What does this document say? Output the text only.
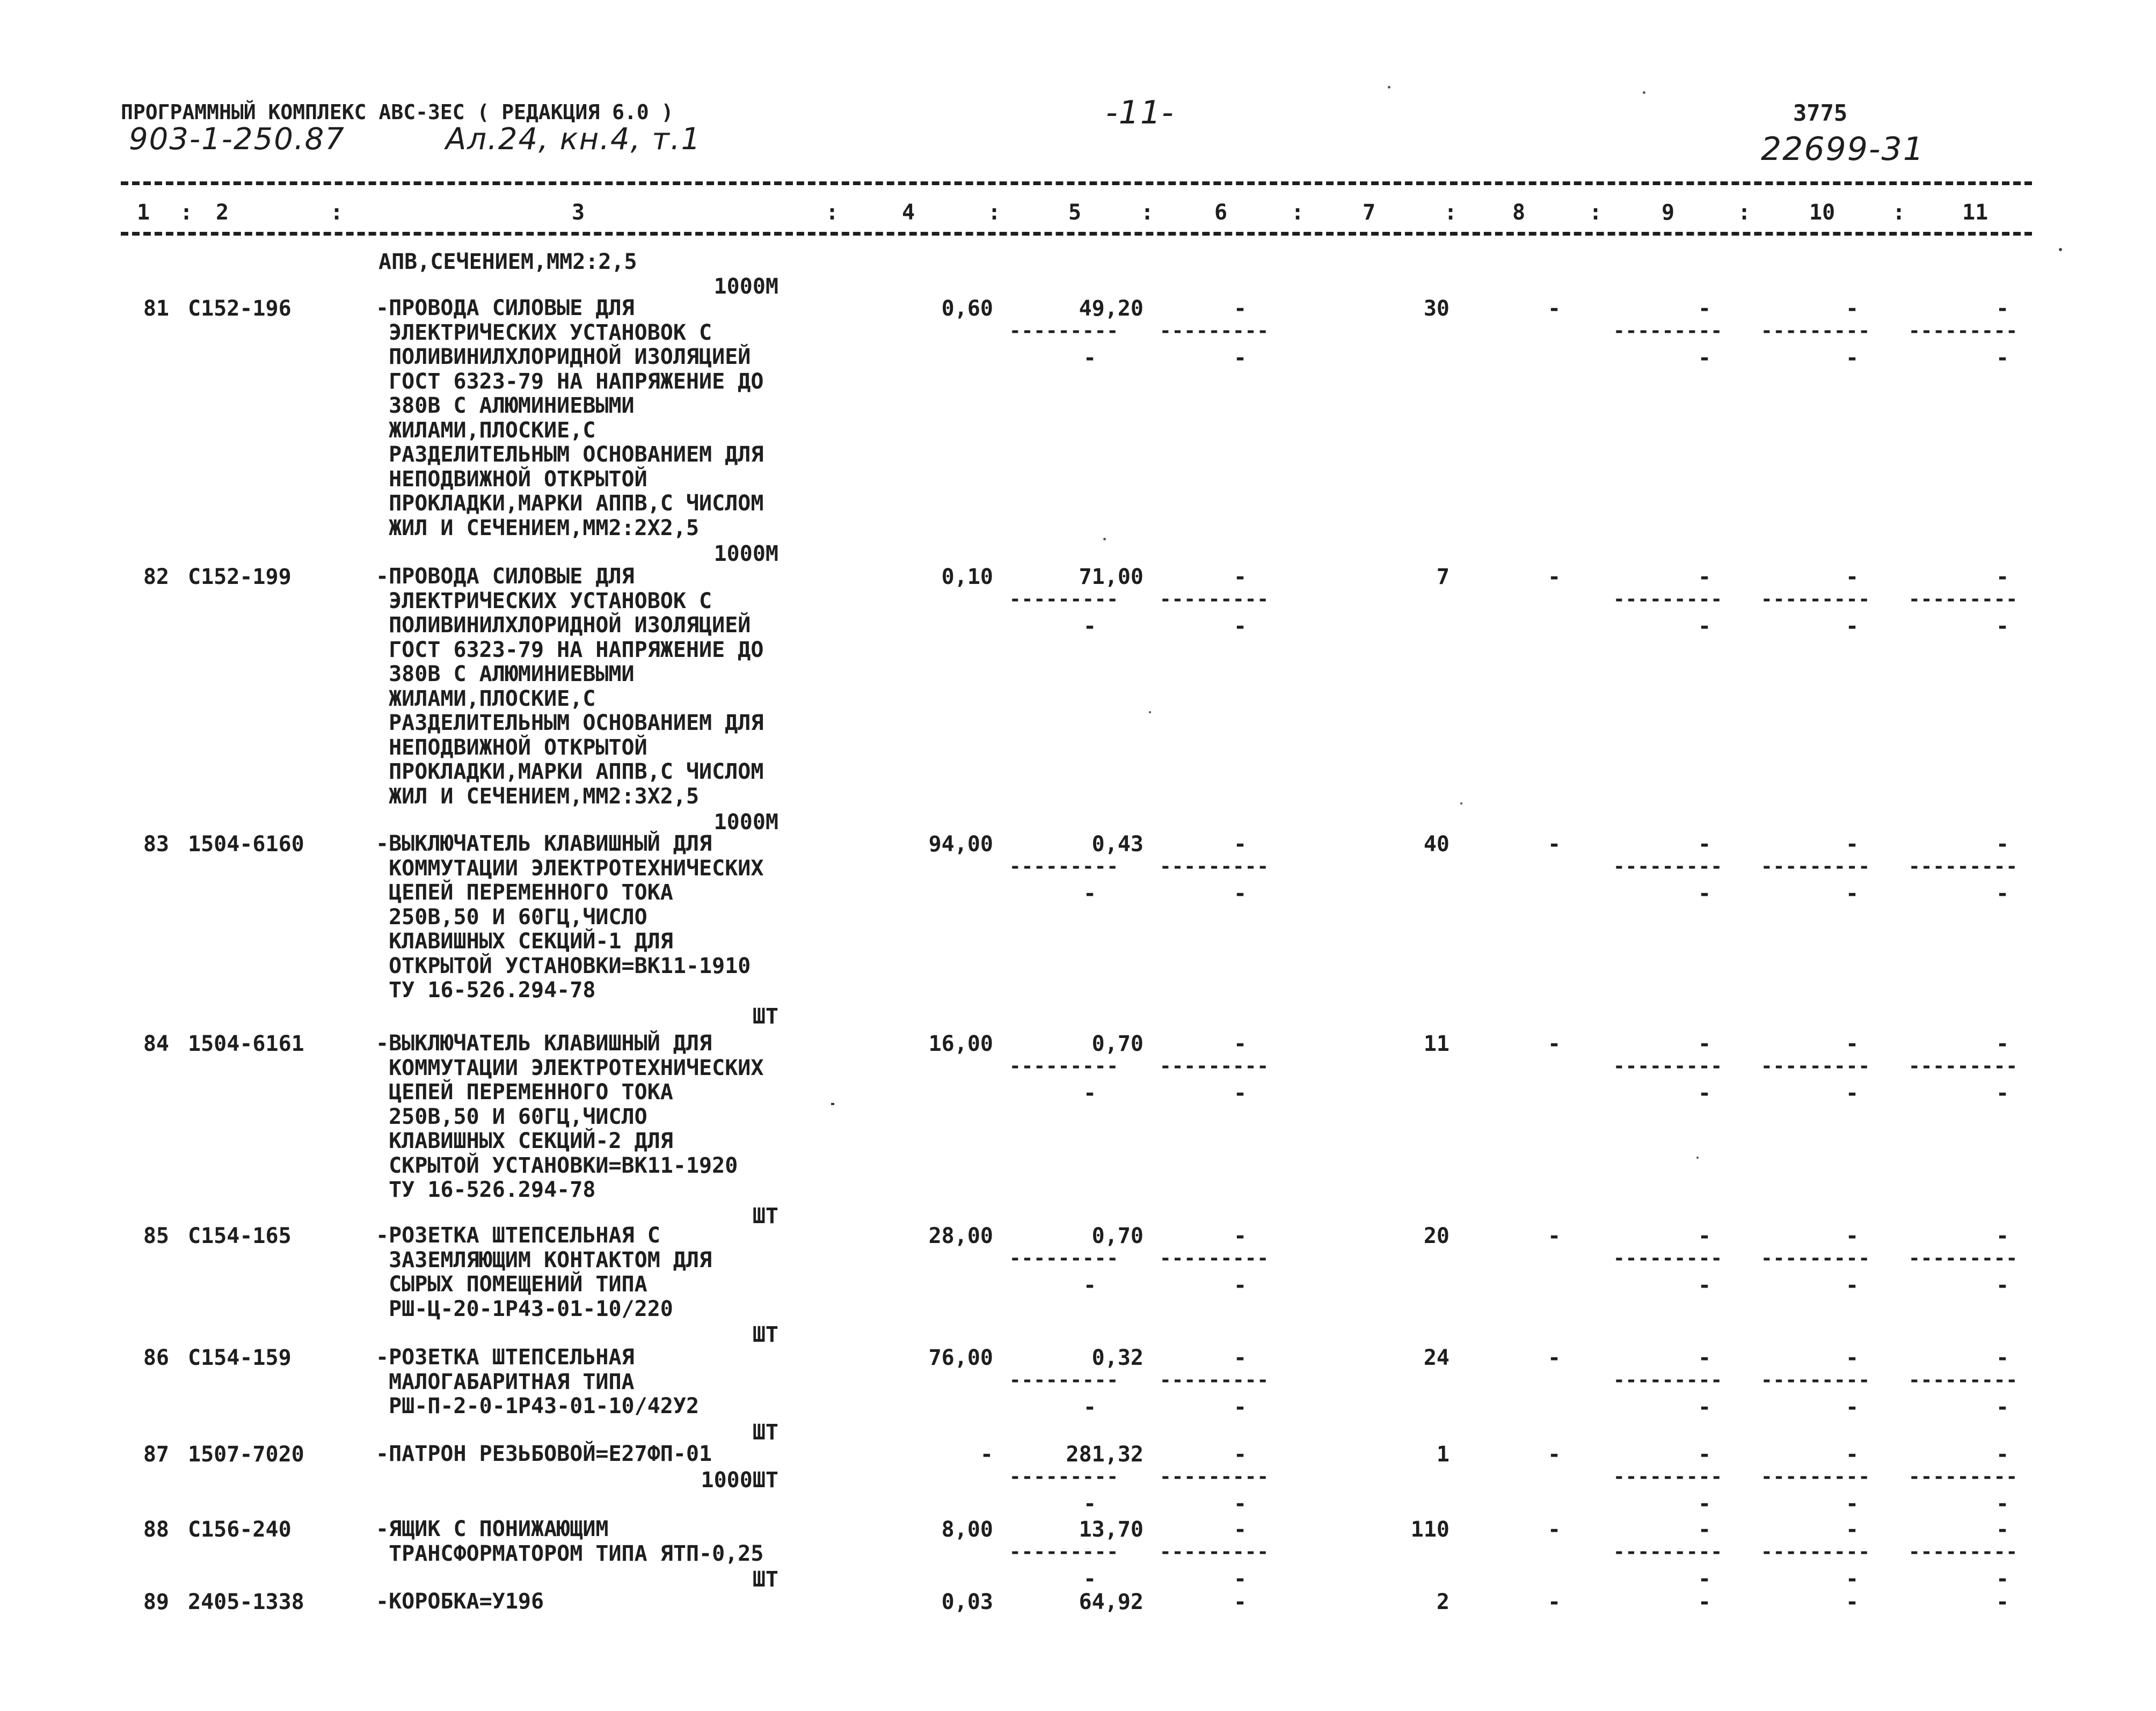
ПРОГРАММНЫЙ КОМПЛЕКС АВС-3ЕС ( РЕДАКЦИЯ 6.0 )
903-1-250.87	Ал.24, кн.4, т.1
-11-	3775
22699-31
1 : 2	:	3	:	4	:	5	:	6	:	7	:	8	:	9	:	10	:	11
АПВ,СЕЧЕНИЕМ,ММ2:2,5
1000М
81 С152-196	-ПРОВОДА СИЛОВЫЕ ДЛЯ
ЭЛЕКТРИЧЕСКИХ УСТАНОВОК С
ПОЛИВИНИЛХЛОРИДНОЙ ИЗОЛЯЦИЕЙ
ГОСТ 6323-79 НА НАПРЯЖЕНИЕ ДО
380В С АЛЮМИНИЕВЫМИ
ЖИЛАМИ,ПЛОСКИЕ,С
РАЗДЕЛИТЕЛЬНЫМ ОСНОВАНИЕМ ДЛЯ
НЕПОДВИЖНОЙ ОТКРЫТОЙ
ПРОКЛАДКИ,МАРКИ АППВ,С ЧИСЛОМ
ЖИЛ И СЕЧЕНИЕМ,ММ2:2Х2,5
1000М
0,60	49,20	-	30	-	-	-	-
--------- ---------	--------- --------- ---------
-	-	-	-	-
82 С152-199	-ПРОВОДА СИЛОВЫЕ ДЛЯ
ЭЛЕКТРИЧЕСКИХ УСТАНОВОК С
ПОЛИВИНИЛХЛОРИДНОЙ ИЗОЛЯЦИЕЙ
ГОСТ 6323-79 НА НАПРЯЖЕНИЕ ДО
380В С АЛЮМИНИЕВЫМИ
ЖИЛАМИ,ПЛОСКИЕ,С
РАЗДЕЛИТЕЛЬНЫМ ОСНОВАНИЕМ ДЛЯ
НЕПОДВИЖНОЙ ОТКРЫТОЙ
ПРОКЛАДКИ,МАРКИ АППВ,С ЧИСЛОМ
ЖИЛ И СЕЧЕНИЕМ,ММ2:3Х2,5
1000М
0,10	71,00	-	7	-	-	-	-
--------- ---------	--------- --------- ---------
-	-	-	-	-
83 1504-6160	-ВЫКЛЮЧАТЕЛЬ КЛАВИШНЫЙ ДЛЯ
КОММУТАЦИИ ЭЛЕКТРОТЕХНИЧЕСКИХ
ЦЕПЕЙ ПЕРЕМЕННОГО ТОКА
250В,50 И 60ГЦ,ЧИСЛО
КЛАВИШНЫХ СЕКЦИЙ-1 ДЛЯ
ОТКРЫТОЙ УСТАНОВКИ=ВК11-1910
ТУ 16-526.294-78
ШТ
94,00	0,43	-	40	-	-	-	-
--------- ---------	--------- --------- ---------
-	-	-	-	-
84 1504-6161	-ВЫКЛЮЧАТЕЛЬ КЛАВИШНЫЙ ДЛЯ
КОММУТАЦИИ ЭЛЕКТРОТЕХНИЧЕСКИХ
ЦЕПЕЙ ПЕРЕМЕННОГО ТОКА
250В,50 И 60ГЦ,ЧИСЛО
КЛАВИШНЫХ СЕКЦИЙ-2 ДЛЯ
СКРЫТОЙ УСТАНОВКИ=ВК11-1920
ТУ 16-526.294-78
ШТ
16,00	0,70	-	11	-	-	-	-
--------- ---------	--------- --------- ---------
-	-	-	-	-
85 С154-165	-РОЗЕТКА ШТЕПСЕЛЬНАЯ С
ЗАЗЕМЛЯЮЩИМ КОНТАКТОМ ДЛЯ
СЫРЫХ ПОМЕЩЕНИЙ ТИПА
РШ-Ц-20-1Р43-01-10/220
ШТ
28,00	0,70	-	20	-	-	-	-
--------- ---------	--------- --------- ---------
-	-	-	-	-
86 С154-159	-РОЗЕТКА ШТЕПСЕЛЬНАЯ
МАЛОГАБАРИТНАЯ ТИПА
РШ-П-2-0-1Р43-01-10/42У2
ШТ
76,00	0,32	-	24	-	-	-	-
--------- ---------	--------- --------- ---------
-	-	-	-	-
87 1507-7020	-ПАТРОН РЕЗЬБОВОЙ=Е27ФП-01
1000ШТ
-	281,32	-	1	-	-	-	-
--------- ---------	--------- --------- ---------
-	-	-	-	-
88 С156-240	-ЯЩИК С ПОНИЖАЮЩИМ
ТРАНСФОРМАТОРОМ ТИПА ЯТП-0,25
ШТ
8,00	13,70	-	110	-	-	-	-
--------- ---------	--------- --------- ---------
-	-	-	-	-
89 2405-1338	-КОРОБКА=У196	0,03	64,92	-	2	-	-	-	-
